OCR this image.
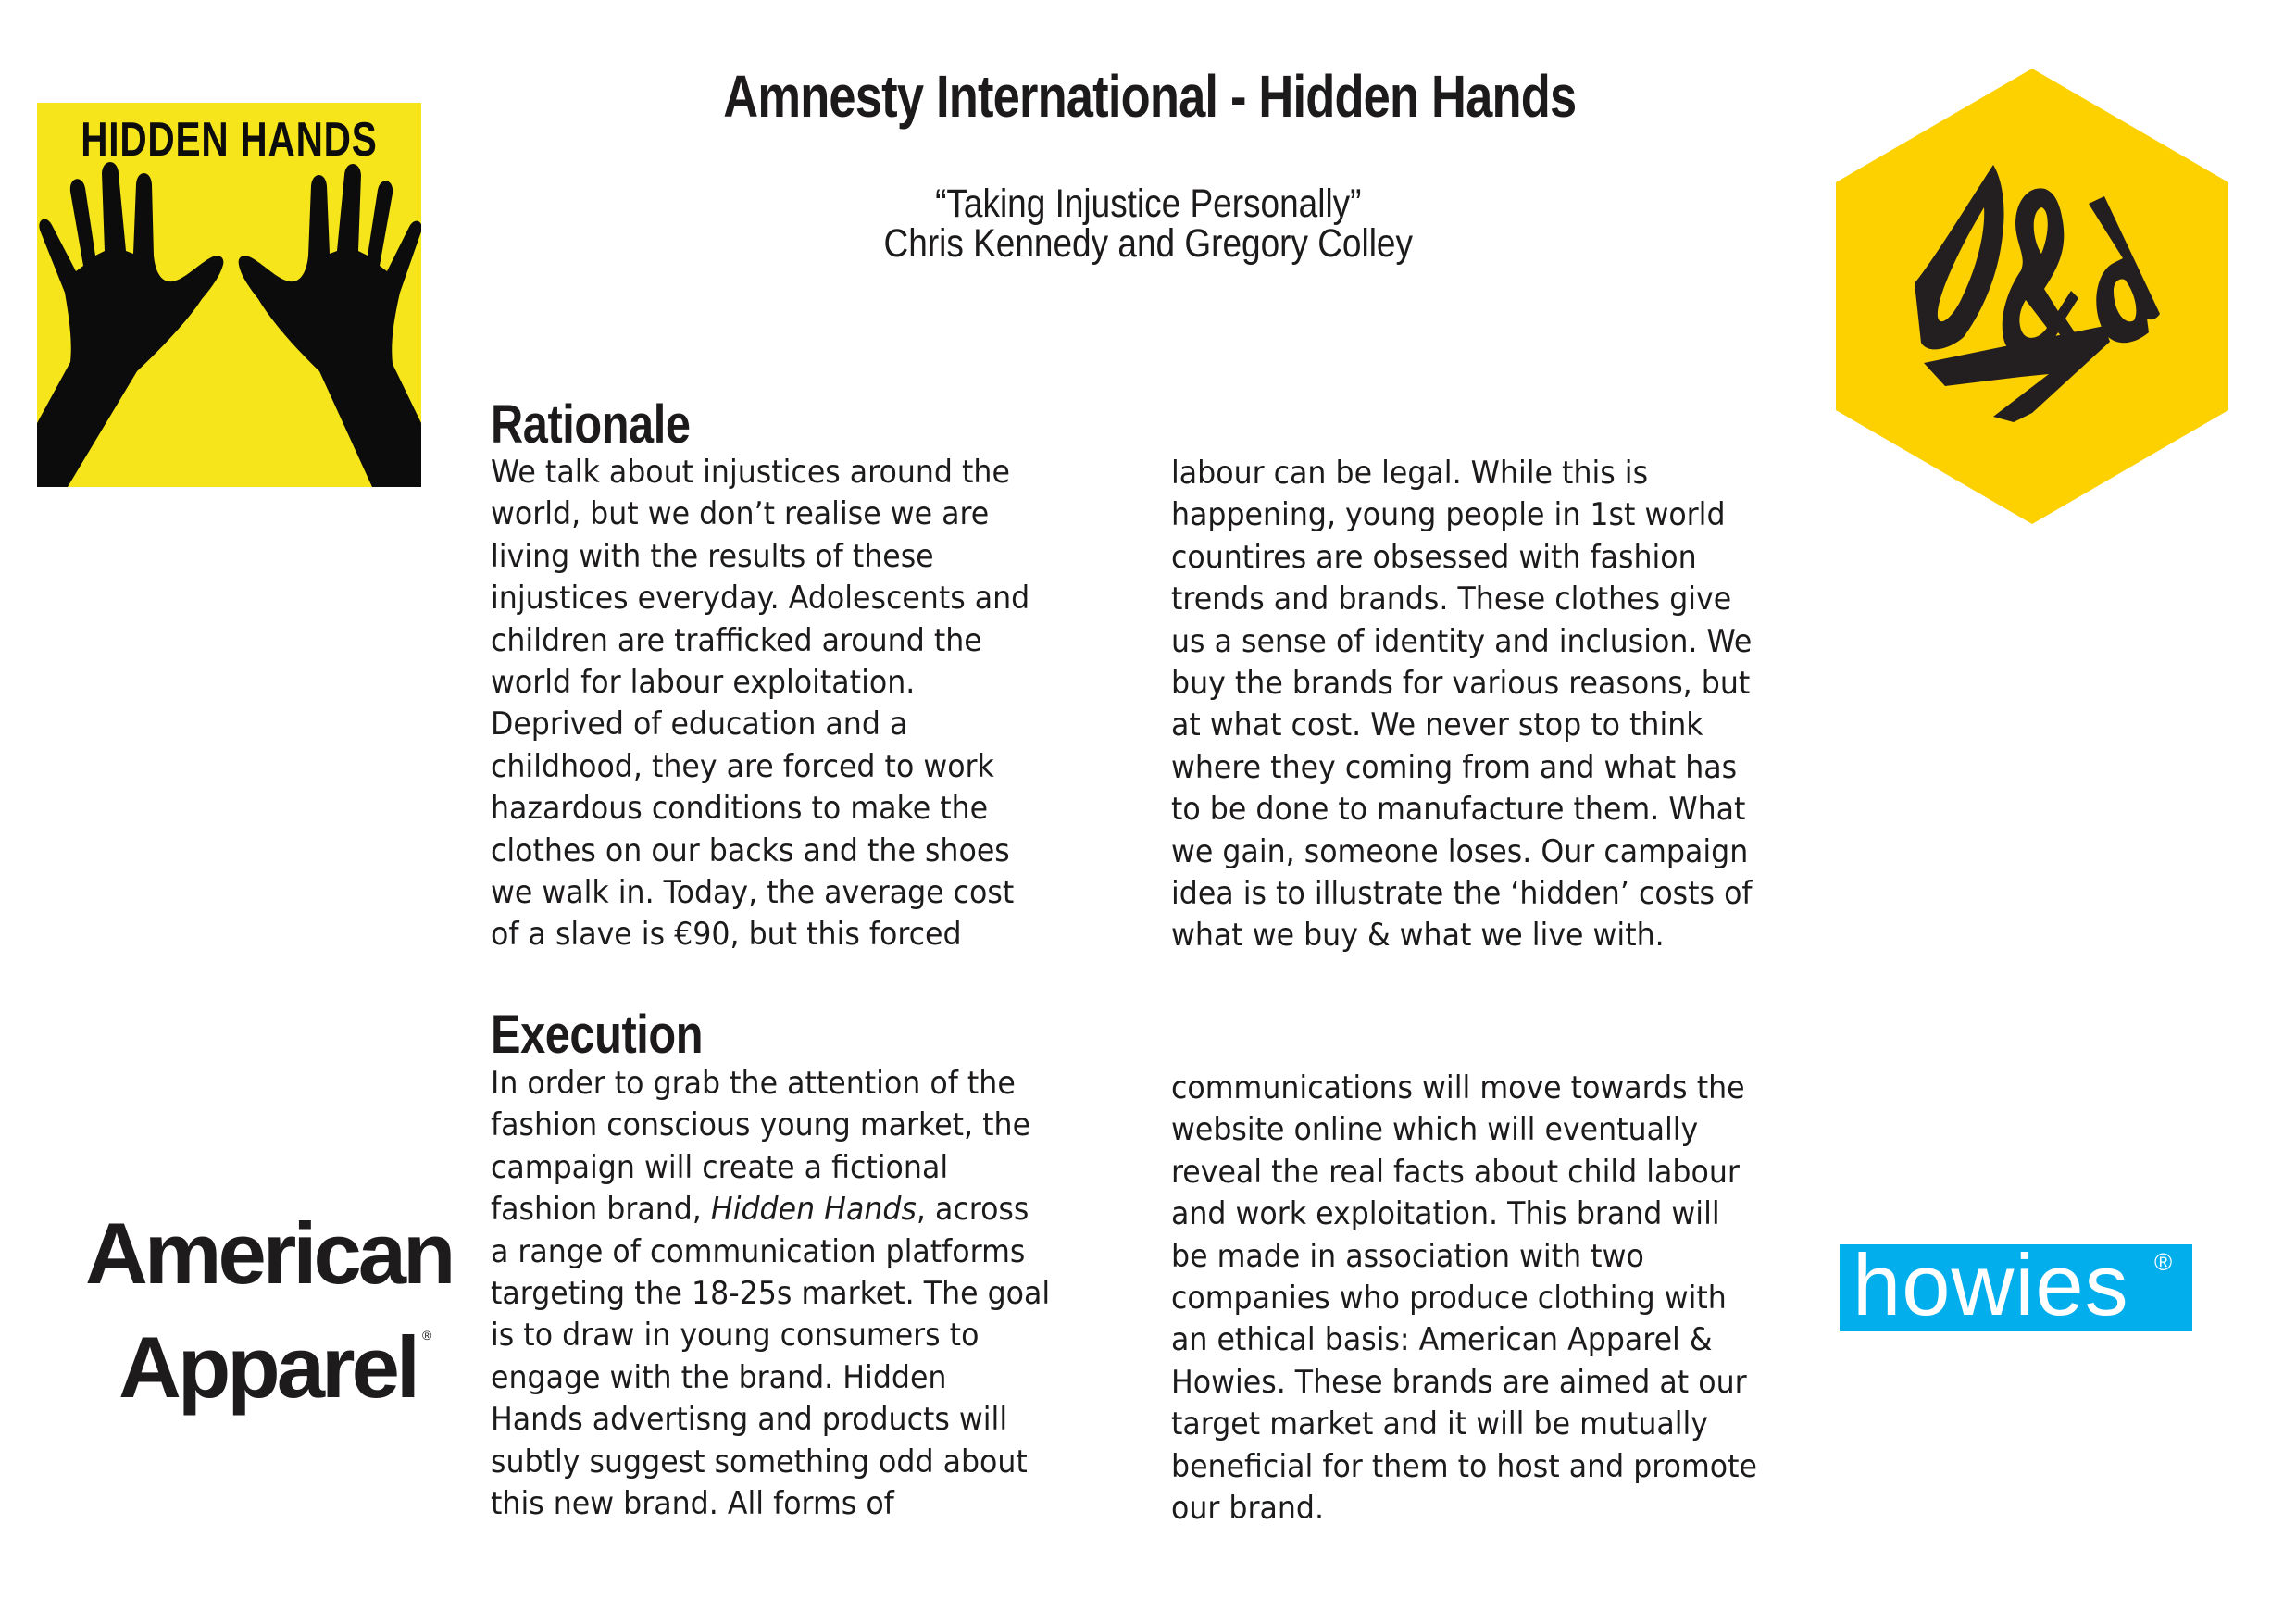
HIDDEN HANDS
American
Apparel ®
howies ®
Amnesty International - Hidden Hands
“Taking Injustice Personally”
Chris Kennedy and Gregory Colley
Rationale
We talk about injustices around the
world, but we don’t realise we are
living with the results of these
injustices everyday. Adolescents and
children are trafficked around the
world for labour exploitation.
Deprived of education and a
childhood, they are forced to work
hazardous conditions to make the
clothes on our backs and the shoes
we walk in. Today, the average cost
of a slave is €90, but this forced
labour can be legal. While this is
happening, young people in 1st world
countires are obsessed with fashion
trends and brands. These clothes give
us a sense of identity and inclusion. We
buy the brands for various reasons, but
at what cost. We never stop to think
where they coming from and what has
to be done to manufacture them. What
we gain, someone loses. Our campaign
idea is to illustrate the ‘hidden’ costs of
what we buy & what we live with.
Execution
In order to grab the attention of the
fashion conscious young market, the
campaign will create a fictional
fashion brand, Hidden Hands, across
a range of communication platforms
targeting the 18-25s market. The goal
is to draw in young consumers to
engage with the brand. Hidden
Hands advertisng and products will
subtly suggest something odd about
this new brand. All forms of
communications will move towards the
website online which will eventually
reveal the real facts about child labour
and work exploitation. This brand will
be made in association with two
companies who produce clothing with
an ethical basis: American Apparel &
Howies. These brands are aimed at our
target market and it will be mutually
beneficial for them to host and promote
our brand.
